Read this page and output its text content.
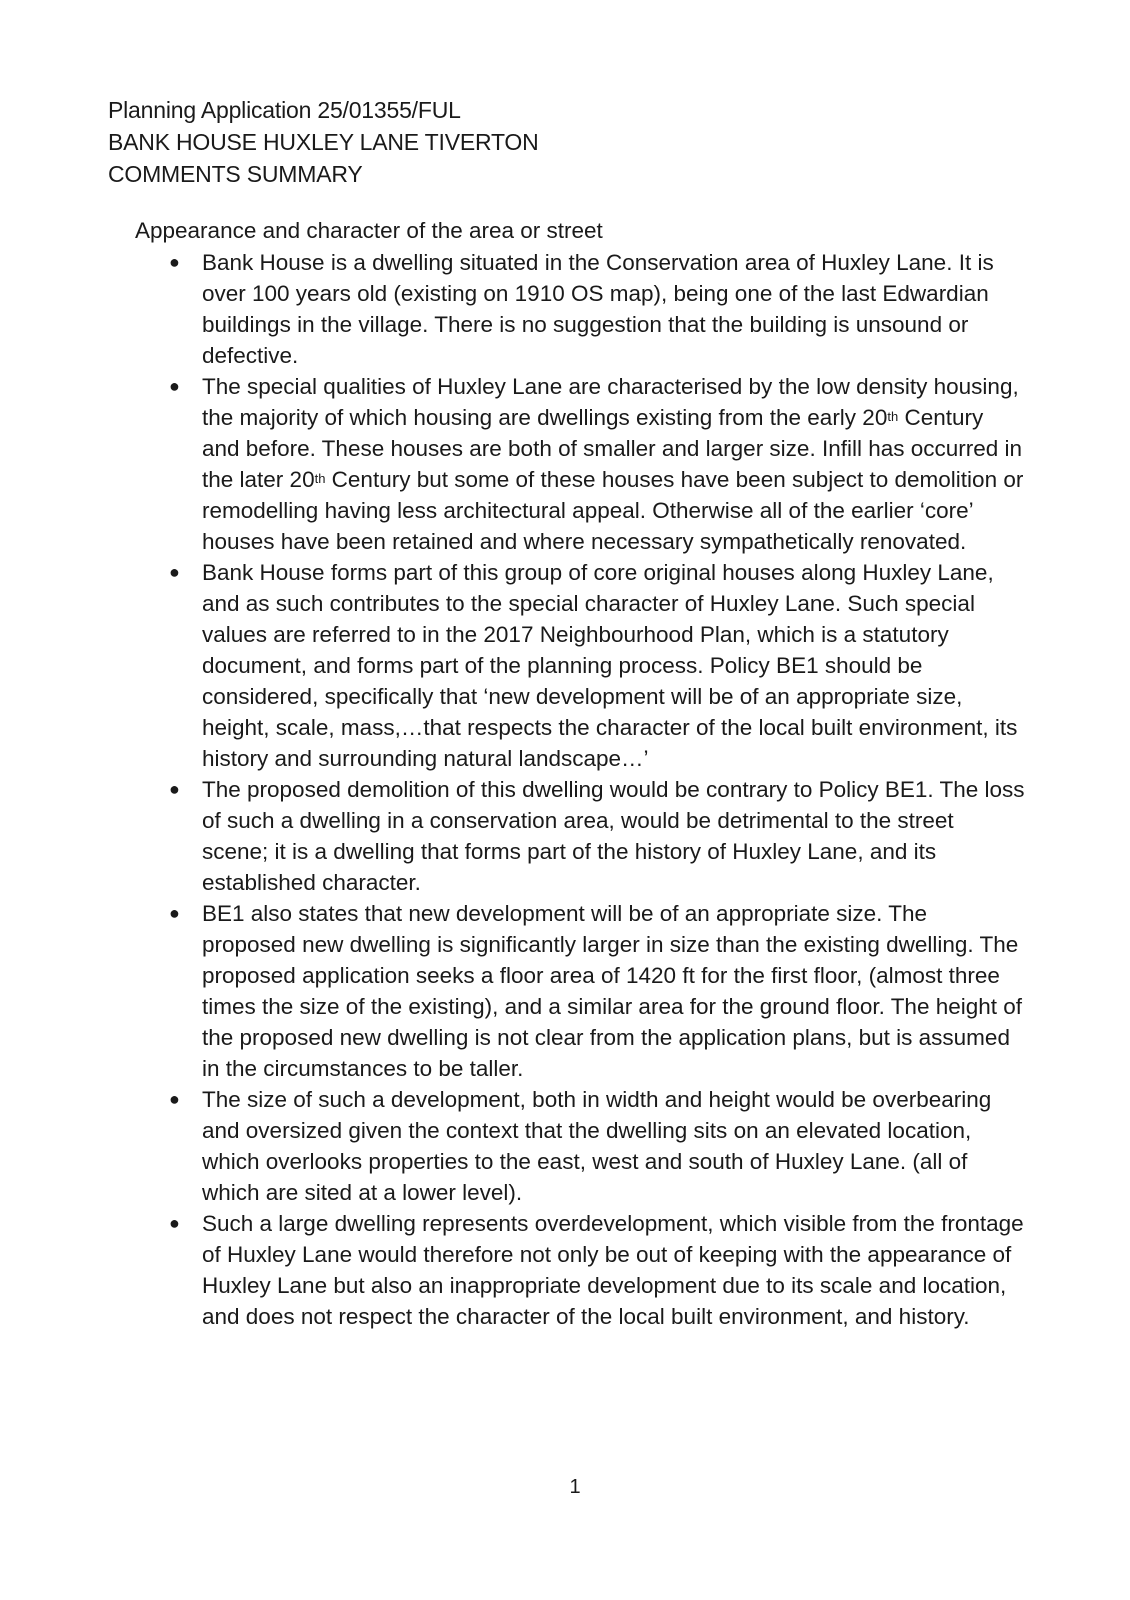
Planning Application 25/01355/FUL
BANK HOUSE HUXLEY LANE TIVERTON
COMMENTS SUMMARY
Appearance and character of the area or street
● Bank House is a dwelling situated in the Conservation area of Huxley Lane. It is over 100 years old (existing on 1910 OS map), being one of the last Edwardian buildings in the village. There is no suggestion that the building is unsound or defective.

● The special qualities of Huxley Lane are characterised by the low density housing, the majority of which housing are dwellings existing from the early 20th Century and before. These houses are both of smaller and larger size. Infill has occurred in the later 20th Century but some of these houses have been subject to demolition or remodelling having less architectural appeal. Otherwise all of the earlier ‘core’ houses have been retained and where necessary sympathetically renovated.

● Bank House forms part of this group of core original houses along Huxley Lane, and as such contributes to the special character of Huxley Lane. Such special values are referred to in the 2017 Neighbourhood Plan, which is a statutory document, and forms part of the planning process. Policy BE1 should be considered, specifically that ‘new development will be of an appropriate size, height, scale, mass,…that respects the character of the local built environment, its history and surrounding natural landscape…’

● The proposed demolition of this dwelling would be contrary to Policy BE1. The loss of such a dwelling in a conservation area, would be detrimental to the street scene; it is a dwelling that forms part of the history of Huxley Lane, and its established character.

● BE1 also states that new development will be of an appropriate size. The proposed new dwelling is significantly larger in size than the existing dwelling. The proposed application seeks a floor area of 1420 ft for the first floor, (almost three times the size of the existing), and a similar area for the ground floor. The height of the proposed new dwelling is not clear from the application plans, but is assumed in the circumstances to be taller.

● The size of such a development, both in width and height would be overbearing and oversized given the context that the dwelling sits on an elevated location, which overlooks properties to the east, west and south of Huxley Lane. (all of which are sited at a lower level).

● Such a large dwelling represents overdevelopment, which visible from the frontage of Huxley Lane would therefore not only be out of keeping with the appearance of Huxley Lane but also an inappropriate development due to its scale and location, and does not respect the character of the local built environment, and history.

1
